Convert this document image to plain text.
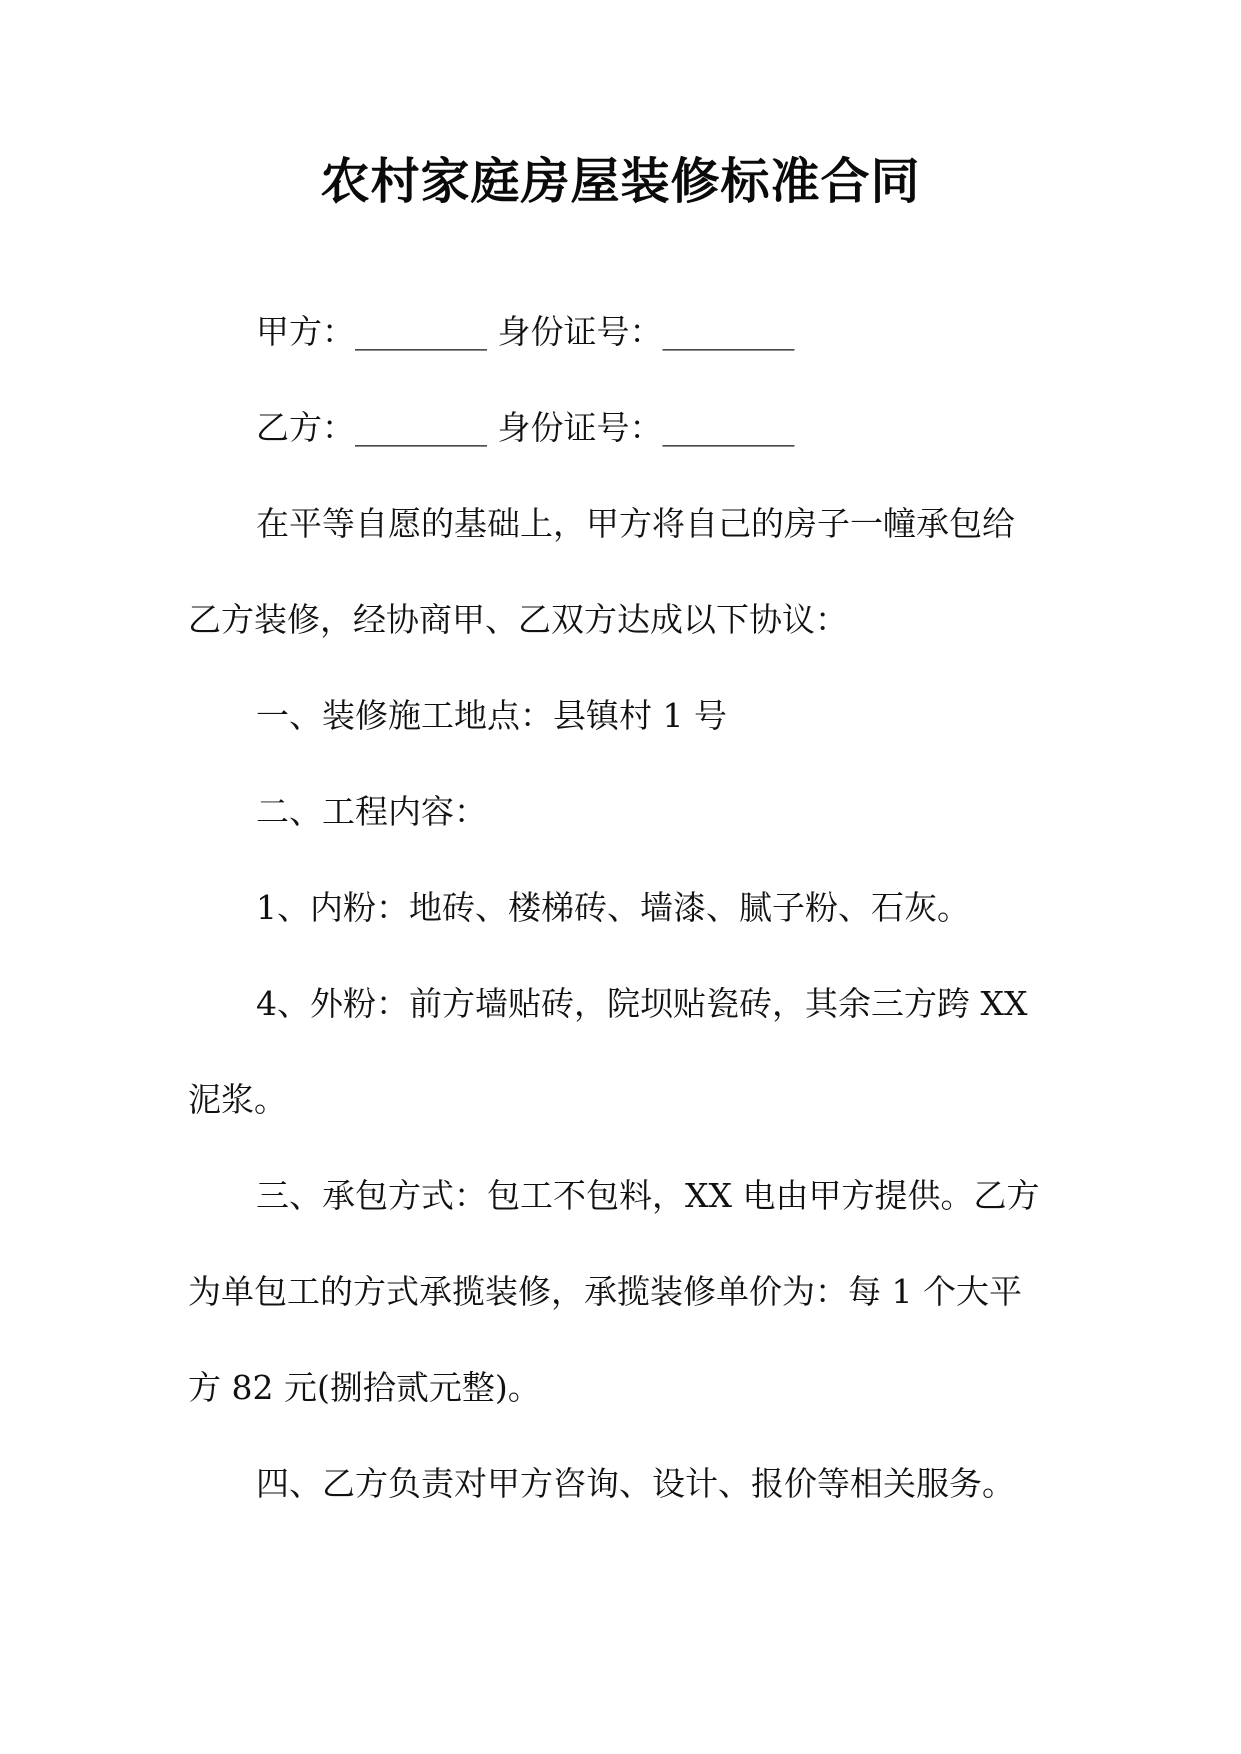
农村家庭房屋装修标准合同
甲方：________ 身份证号：________
乙方：________ 身份证号：________
在平等自愿的基础上，甲方将自己的房子一幢承包给
乙方装修，经协商甲、乙双方达成以下协议：
一、装修施工地点：县镇村 1 号
二、工程内容：
1、内粉：地砖、楼梯砖、墙漆、腻子粉、石灰。
4、外粉：前方墙贴砖，院坝贴瓷砖，其余三方跨 XX
泥浆。
三、承包方式：包工不包料，XX 电由甲方提供。乙方
为单包工的方式承揽装修，承揽装修单价为：每 1 个大平
方 82 元(捌拾贰元整)。
四、乙方负责对甲方咨询、设计、报价等相关服务。
